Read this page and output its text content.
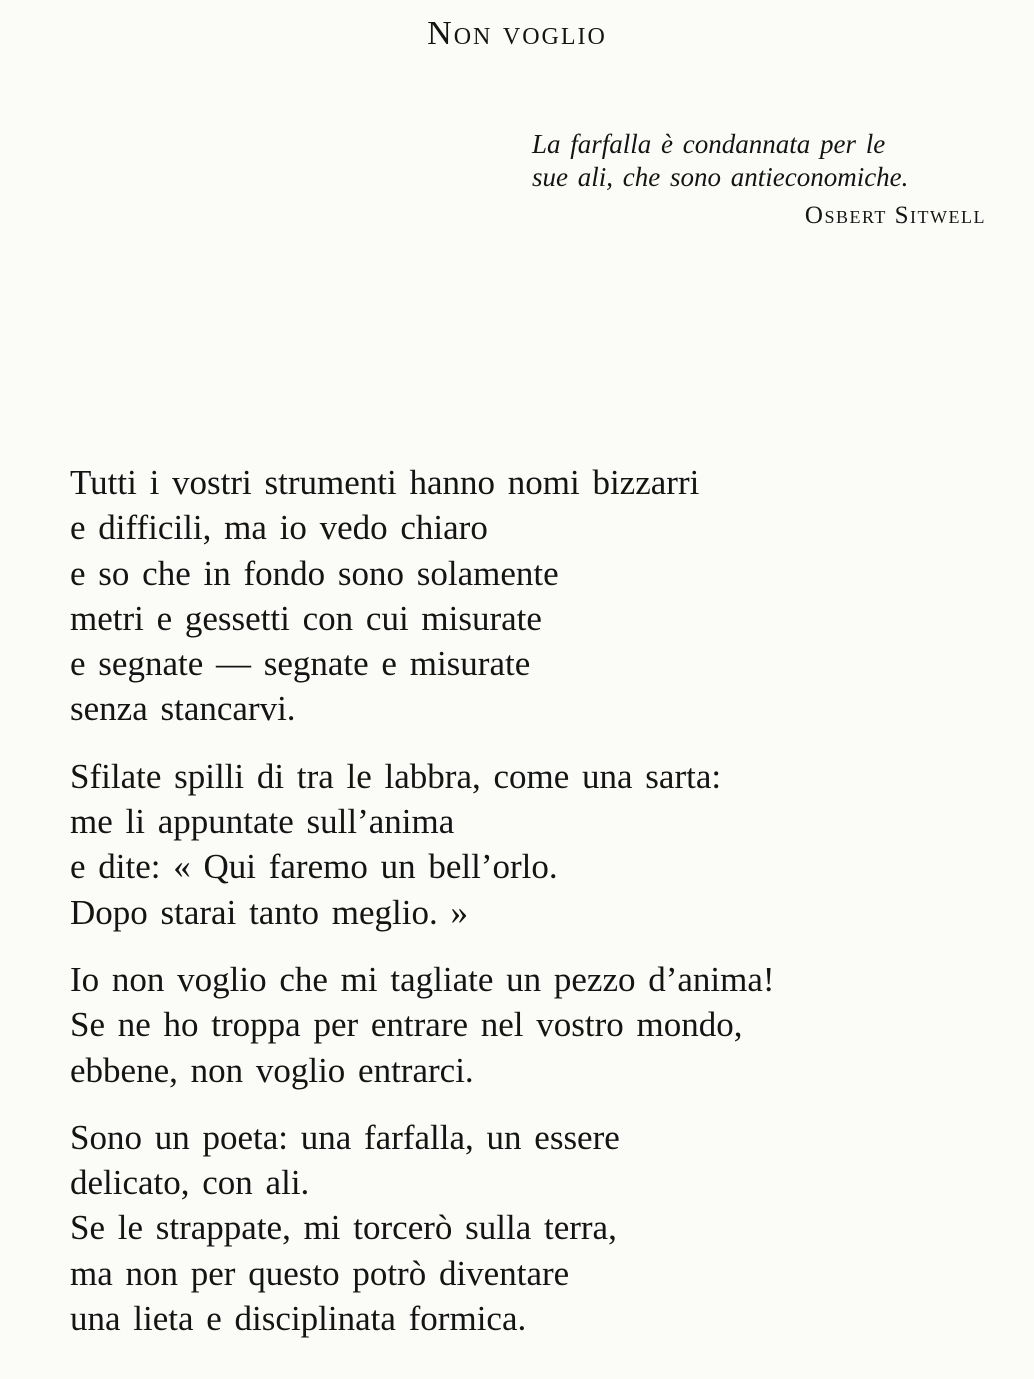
Non voglio
La farfalla è condannata per le
sue ali, che sono antieconomiche.
Osbert Sitwell
Tutti i vostri strumenti hanno nomi bizzarri
e difficili, ma io vedo chiaro
e so che in fondo sono solamente
metri e gessetti con cui misurate
e segnate — segnate e misurate
senza stancarvi.
Sfilate spilli di tra le labbra, come una sarta:
me li appuntate sull’anima
e dite: « Qui faremo un bell’orlo.
Dopo starai tanto meglio. »
Io non voglio che mi tagliate un pezzo d’anima!
Se ne ho troppa per entrare nel vostro mondo,
ebbene, non voglio entrarci.
Sono un poeta: una farfalla, un essere
delicato, con ali.
Se le strappate, mi torcerò sulla terra,
ma non per questo potrò diventare
una lieta e disciplinata formica.
